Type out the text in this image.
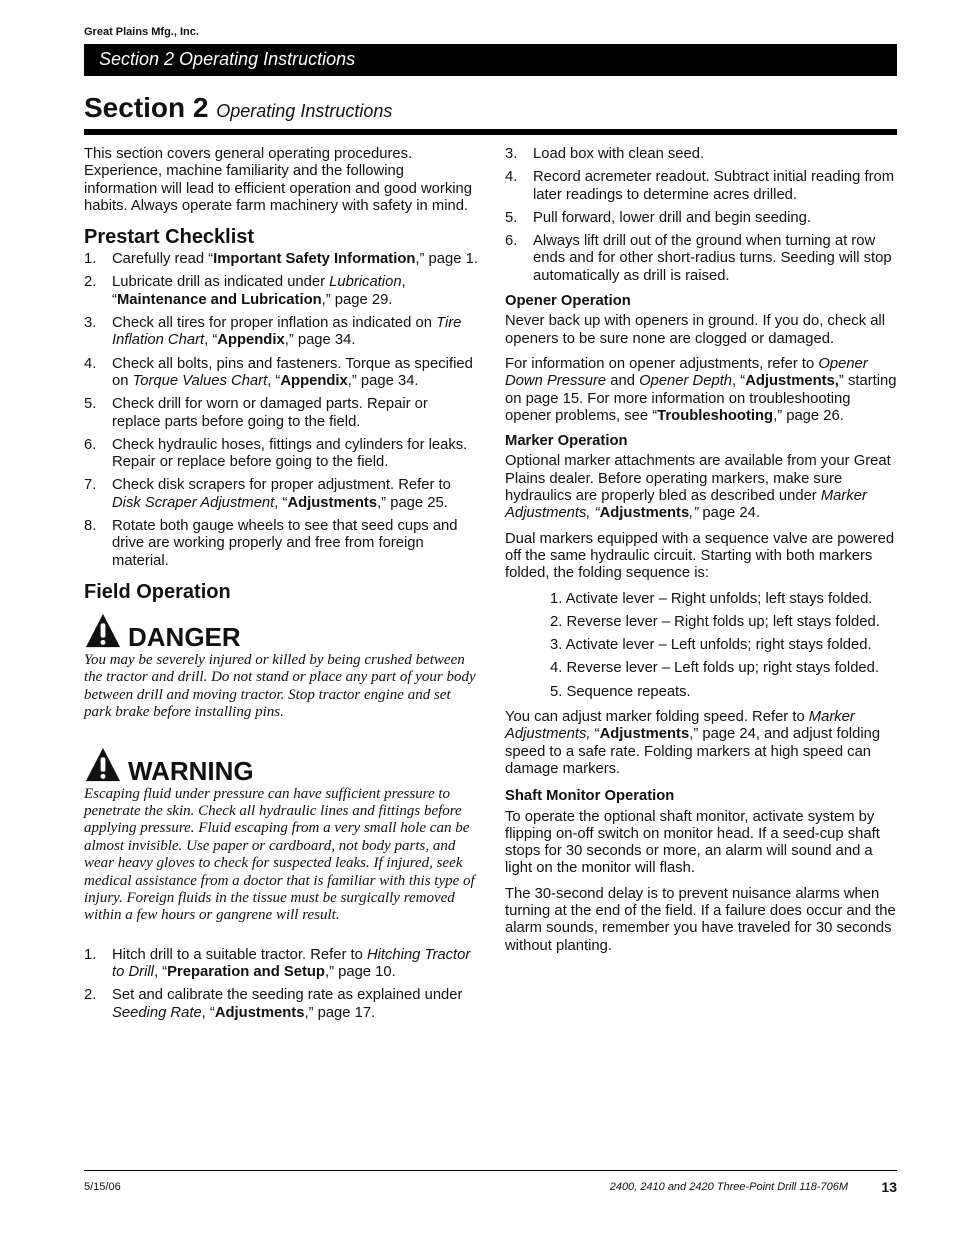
Great Plains Mfg., Inc.
Section 2 Operating Instructions
Section 2 Operating Instructions

This section covers general operating procedures. Experience, machine familiarity and the following information will lead to efficient operation and good working habits. Always operate farm machinery with safety in mind.

Prestart Checklist
1. Carefully read “Important Safety Information,” page 1.
2. Lubricate drill as indicated under Lubrication, “Maintenance and Lubrication,” page 29.
3. Check all tires for proper inflation as indicated on Tire Inflation Chart, “Appendix,” page 34.
4. Check all bolts, pins and fasteners. Torque as specified on Torque Values Chart, “Appendix,” page 34.
5. Check drill for worn or damaged parts. Repair or replace parts before going to the field.
6. Check hydraulic hoses, fittings and cylinders for leaks. Repair or replace before going to the field.
7. Check disk scrapers for proper adjustment. Refer to Disk Scraper Adjustment, “Adjustments,” page 25.
8. Rotate both gauge wheels to see that seed cups and drive are working properly and free from foreign material.
Field Operation
DANGER
You may be severely injured or killed by being crushed between the tractor and drill. Do not stand or place any part of your body between drill and moving tractor. Stop tractor engine and set park brake before installing pins.
WARNING
Escaping fluid under pressure can have sufficient pressure to penetrate the skin. Check all hydraulic lines and fittings before applying pressure. Fluid escaping from a very small hole can be almost invisible. Use paper or cardboard, not body parts, and wear heavy gloves to check for suspected leaks. If injured, seek medical assistance from a doctor that is familiar with this type of injury. Foreign fluids in the tissue must be surgically removed within a few hours or gangrene will result.
1. Hitch drill to a suitable tractor. Refer to Hitching Tractor to Drill, “Preparation and Setup,” page 10.
2. Set and calibrate the seeding rate as explained under Seeding Rate, “Adjustments,” page 17.
3. Load box with clean seed.
4. Record acremeter readout. Subtract initial reading from later readings to determine acres drilled.
5. Pull forward, lower drill and begin seeding.
6. Always lift drill out of the ground when turning at row ends and for other short-radius turns. Seeding will stop automatically as drill is raised.
Opener Operation

Never back up with openers in ground. If you do, check all openers to be sure none are clogged or damaged.

For information on opener adjustments, refer to Opener Down Pressure and Opener Depth, “Adjustments,” starting on page 15. For more information on troubleshooting opener problems, see “Troubleshooting,” page 26.

Marker Operation

Optional marker attachments are available from your Great Plains dealer. Before operating markers, make sure hydraulics are properly bled as described under Marker Adjustments, “Adjustments,” page 24.

Dual markers equipped with a sequence valve are powered off the same hydraulic circuit. Starting with both markers folded, the folding sequence is:

1. Activate lever – Right unfolds; left stays folded.
2. Reverse lever – Right folds up; left stays folded.
3. Activate lever – Left unfolds; right stays folded.
4. Reverse lever – Left folds up; right stays folded.
5. Sequence repeats.

You can adjust marker folding speed. Refer to Marker Adjustments, “Adjustments,” page 24, and adjust folding speed to a safe rate. Folding markers at high speed can damage markers.

Shaft Monitor Operation

To operate the optional shaft monitor, activate system by flipping on-off switch on monitor head. If a seed-cup shaft stops for 30 seconds or more, an alarm will sound and a light on the monitor will flash.

The 30-second delay is to prevent nuisance alarms when turning at the end of the field. If a failure does occur and the alarm sounds, remember you have traveled for 30 seconds without planting.

5/15/06	2400, 2410 and 2420 Three-Point Drill 118-706M 13
